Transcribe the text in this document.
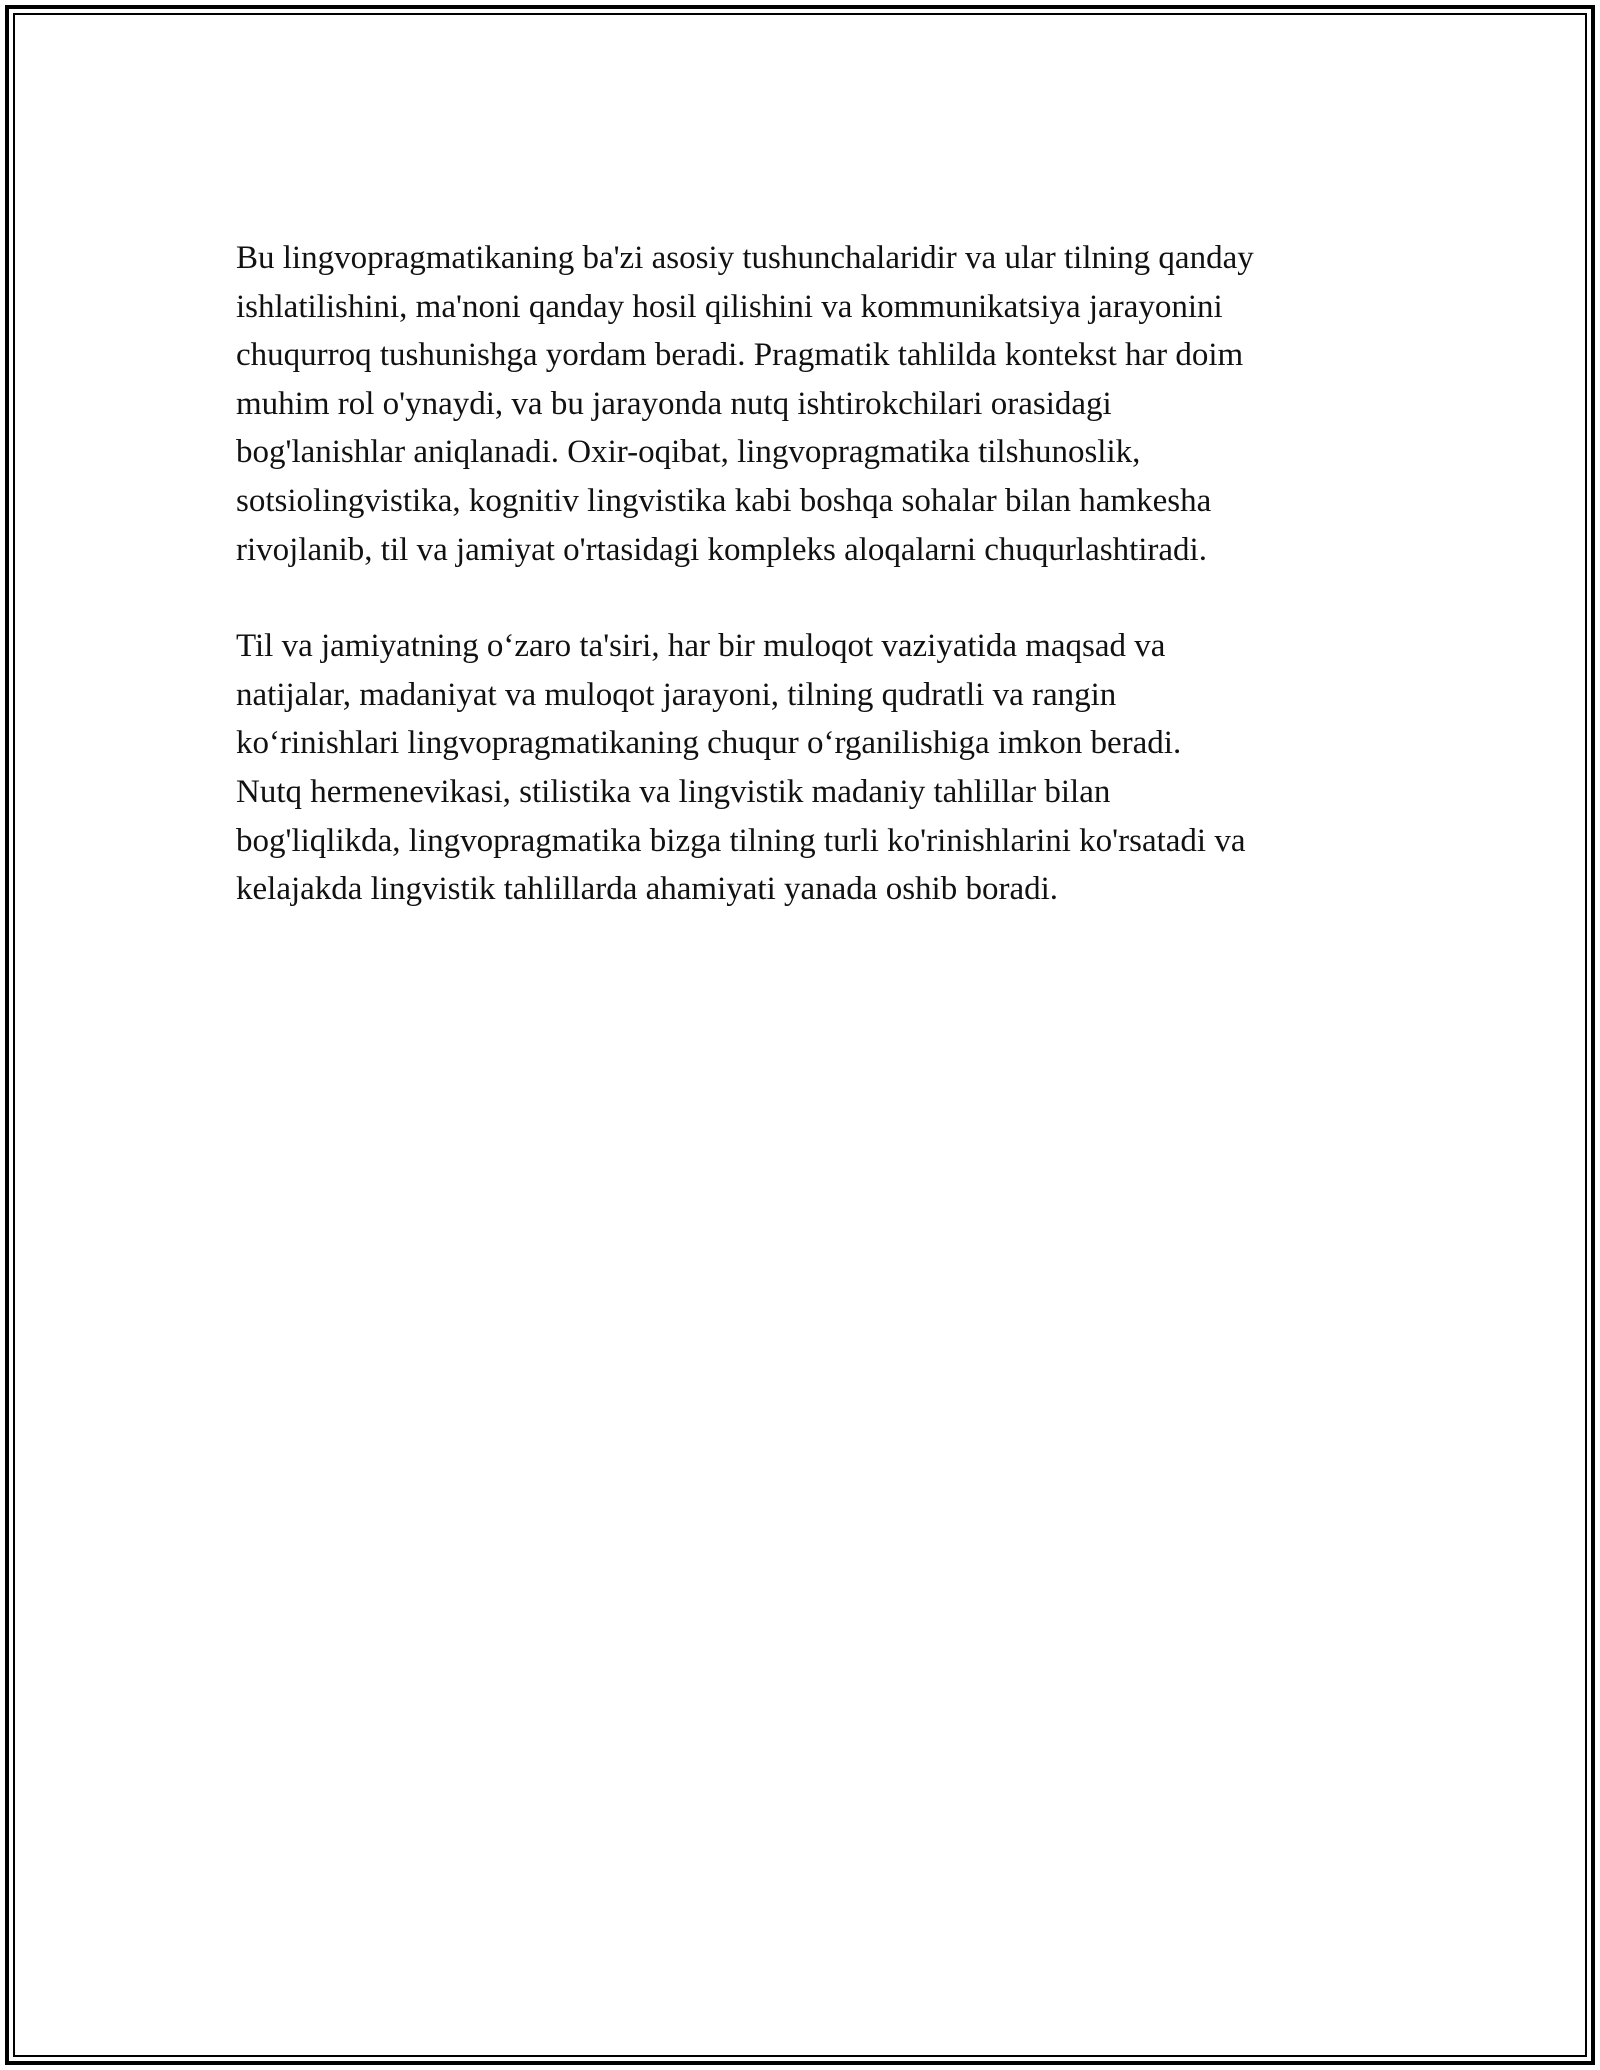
Bu lingvopragmatikaning ba'zi asosiy tushunchalaridir va ular tilning qanday
ishlatilishini, ma'noni qanday hosil qilishini va kommunikatsiya jarayonini
chuqurroq tushunishga yordam beradi. Pragmatik tahlilda kontekst har doim
muhim rol o'ynaydi, va bu jarayonda nutq ishtirokchilari orasidagi
bog'lanishlar aniqlanadi. Oxir-oqibat, lingvopragmatika tilshunoslik,
sotsiolingvistika, kognitiv lingvistika kabi boshqa sohalar bilan hamkesha
rivojlanib, til va jamiyat o'rtasidagi kompleks aloqalarni chuqurlashtiradi.

Til va jamiyatning o‘zaro ta'siri, har bir muloqot vaziyatida maqsad va
natijalar, madaniyat va muloqot jarayoni, tilning qudratli va rangin
ko‘rinishlari lingvopragmatikaning chuqur o‘rganilishiga imkon beradi.
Nutq hermenevikasi, stilistika va lingvistik madaniy tahlillar bilan
bog'liqlikda, lingvopragmatika bizga tilning turli ko'rinishlarini ko'rsatadi va
kelajakda lingvistik tahlillarda ahamiyati yanada oshib boradi.
